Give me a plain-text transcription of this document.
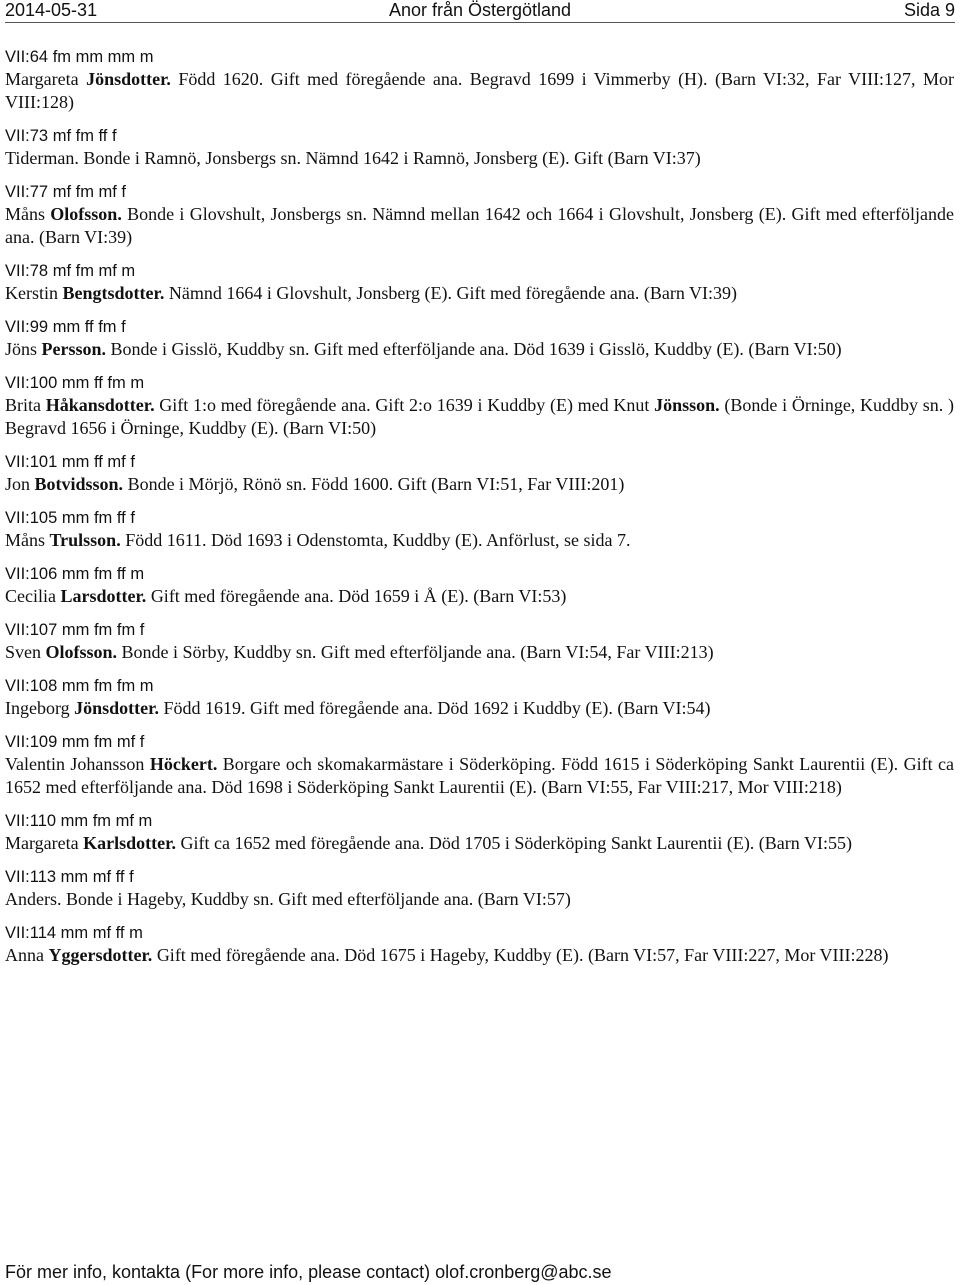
2014-05-31	Anor från Östergötland	Sida 9
VII:64 fm mm mm m
Margareta Jönsdotter. Född 1620. Gift med föregående ana. Begravd 1699 i Vimmerby (H). (Barn VI:32, Far VIII:127, Mor VIII:128)
VII:73 mf fm ff f
Tiderman. Bonde i Ramnö, Jonsbergs sn. Nämnd 1642 i Ramnö, Jonsberg (E). Gift (Barn VI:37)
VII:77 mf fm mf f
Måns Olofsson. Bonde i Glovshult, Jonsbergs sn. Nämnd mellan 1642 och 1664 i Glovshult, Jonsberg (E). Gift med efterföljande ana. (Barn VI:39)
VII:78 mf fm mf m
Kerstin Bengtsdotter. Nämnd 1664 i Glovshult, Jonsberg (E). Gift med föregående ana. (Barn VI:39)
VII:99 mm ff fm f
Jöns Persson. Bonde i Gisslö, Kuddby sn. Gift med efterföljande ana. Död 1639 i Gisslö, Kuddby (E). (Barn VI:50)
VII:100 mm ff fm m
Brita Håkansdotter. Gift 1:o med föregående ana. Gift 2:o 1639 i Kuddby (E) med Knut Jönsson. (Bonde i Örninge, Kuddby sn. ) Begravd 1656 i Örninge, Kuddby (E). (Barn VI:50)
VII:101 mm ff mf f
Jon Botvidsson. Bonde i Mörjö, Rönö sn. Född 1600. Gift (Barn VI:51, Far VIII:201)
VII:105 mm fm ff f
Måns Trulsson. Född 1611. Död 1693 i Odenstomta, Kuddby (E). Anförlust, se sida 7.
VII:106 mm fm ff m
Cecilia Larsdotter. Gift med föregående ana. Död 1659 i Å (E). (Barn VI:53)
VII:107 mm fm fm f
Sven Olofsson. Bonde i Sörby, Kuddby sn. Gift med efterföljande ana. (Barn VI:54, Far VIII:213)
VII:108 mm fm fm m
Ingeborg Jönsdotter. Född 1619. Gift med föregående ana. Död 1692 i Kuddby (E). (Barn VI:54)
VII:109 mm fm mf f
Valentin Johansson Höckert. Borgare och skomakarmästare i Söderköping. Född 1615 i Söderköping Sankt Laurentii (E). Gift ca 1652 med efterföljande ana. Död 1698 i Söderköping Sankt Laurentii (E). (Barn VI:55, Far VIII:217, Mor VIII:218)
VII:110 mm fm mf m
Margareta Karlsdotter. Gift ca 1652 med föregående ana. Död 1705 i Söderköping Sankt Laurentii (E). (Barn VI:55)
VII:113 mm mf ff f
Anders. Bonde i Hageby, Kuddby sn. Gift med efterföljande ana. (Barn VI:57)
VII:114 mm mf ff m
Anna Yggersdotter. Gift med föregående ana. Död 1675 i Hageby, Kuddby (E). (Barn VI:57, Far VIII:227, Mor VIII:228)
För mer info, kontakta (For more info, please contact) olof.cronberg@abc.se
